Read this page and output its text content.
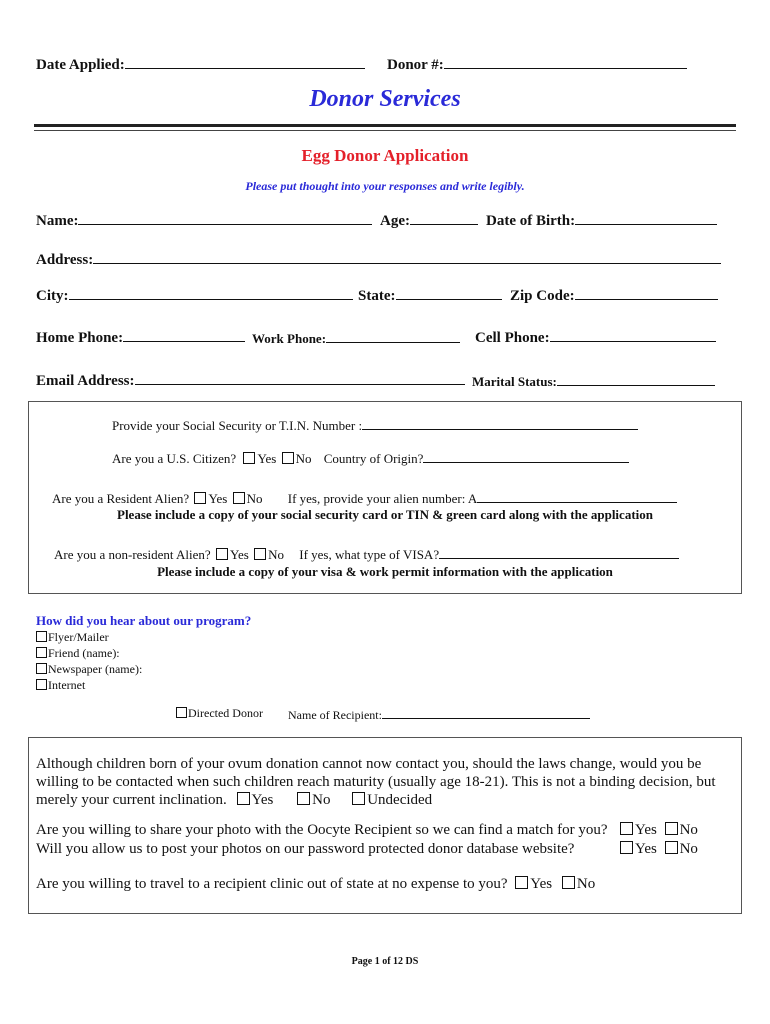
Date Applied:	Donor #:
Donor Services
Egg Donor Application
Please put thought into your responses and write legibly.
Name:	Age:	Date of Birth:
Address:
City:	State:	Zip Code:
Home Phone:	Work Phone:	Cell Phone:
Email Address:	Marital Status:
Provide your Social Security or T.I.N. Number :
Are you a U.S. Citizen? Yes No Country of Origin?
Are you a Resident Alien? Yes No If yes, provide your alien number: A
Please include a copy of your social security card or TIN & green card along with the application
Are you a non-resident Alien? Yes No If yes, what type of VISA?
Please include a copy of your visa & work permit information with the application
How did you hear about our program?
Flyer/Mailer
Friend (name):
Newspaper (name):
Internet
Directed Donor Name of Recipient:
Although children born of your ovum donation cannot now contact you, should the laws change, would you be
willing to be contacted when such children reach maturity (usually age 18-21). This is not a binding decision, but
merely your current inclination. Yes	No Undecided
Are you willing to share your photo with the Oocyte Recipient so we can find a match for you?	Yes No
Will you allow us to post your photos on our password protected donor database website?	Yes No
Are you willing to travel to a recipient clinic out of state at no expense to you? Yes No
Page 1 of 12 DS
